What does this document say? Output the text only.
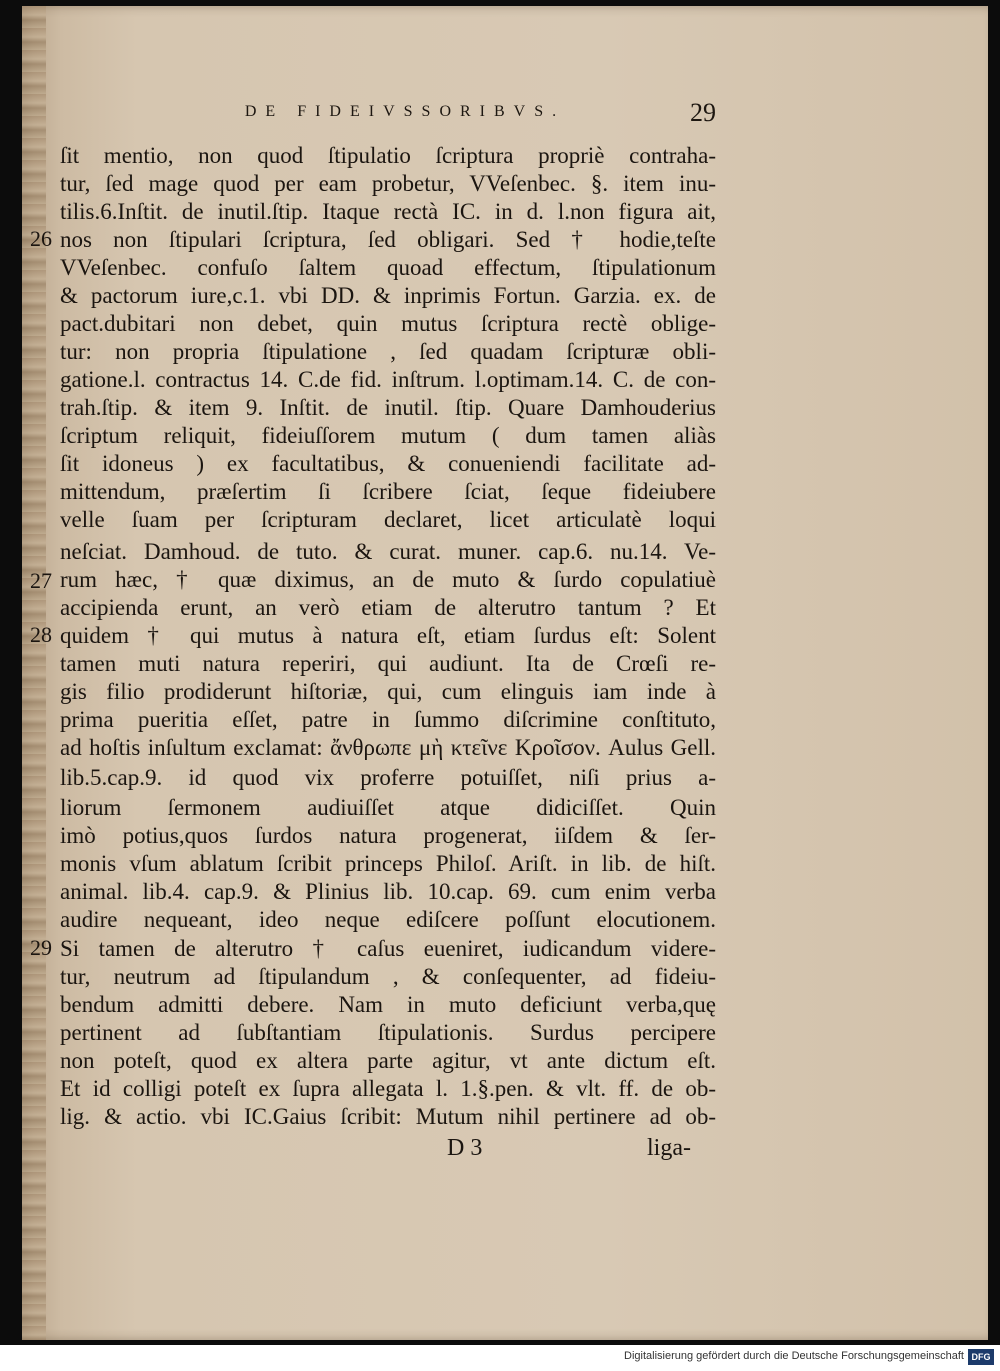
DE FIDEIVSSORIBVS.	29
26
27
28
29
ſit mentio, non quod ſtipulatio ſcriptura propriè contraha-
tur, ſed mage quod per eam probetur, VVeſenbec. §. item inu-
tilis.6.Inſtit. de inutil.ſtip. Itaque rectà IC. in d. l.non figura ait,
nos non ſtipulari ſcriptura, ſed obligari. Sed † hodie,teſte
VVeſenbec. confuſo ſaltem quoad effectum, ſtipulationum
& pactorum iure,c.1. vbi DD. & inprimis Fortun. Garzia. ex. de
pact.dubitari non debet, quin mutus ſcriptura rectè oblige-
tur: non propria ſtipulatione , ſed quadam ſcripturæ obli-
gatione.l. contractus 14. C.de fid. inſtrum. l.optimam.14. C. de con-
trah.ſtip. & item 9. Inſtit. de inutil. ſtip. Quare Damhouderius
ſcriptum reliquit, fideiuſſorem mutum ( dum tamen aliàs
ſit idoneus ) ex facultatibus, & conueniendi facilitate ad-
mittendum, præſertim ſi ſcribere ſciat, ſeque fideiubere
velle ſuam per ſcripturam declaret, licet articulatè loqui
neſciat. Damhoud. de tuto. & curat. muner. cap.6. nu.14. Ve-
rum hæc, † quæ diximus, an de muto & ſurdo copulatiuè
accipienda erunt, an verò etiam de alterutro tantum ? Et
quidem † qui mutus à natura eſt, etiam ſurdus eſt: Solent
tamen muti natura reperiri, qui audiunt. Ita de Crœſi re-
gis filio prodiderunt hiſtoriæ, qui, cum elinguis iam inde à
prima pueritia eſſet, patre in ſummo diſcrimine conſtituto,
ad hoſtis inſultum exclamat: ἄνθρωπε μὴ κτεῖνε Κροῖσον. Aulus Gell.
lib.5.cap.9. id quod vix proferre potuiſſet, niſi prius a-
liorum ſermonem audiuiſſet atque didiciſſet. Quin
imò potius,quos ſurdos natura progenerat, iiſdem & ſer-
monis vſum ablatum ſcribit princeps Philoſ. Ariſt. in lib. de hiſt.
animal. lib.4. cap.9. & Plinius lib. 10.cap. 69. cum enim verba
audire nequeant, ideo neque ediſcere poſſunt elocutionem.
Si tamen de alterutro † caſus eueniret, iudicandum videre-
tur, neutrum ad ſtipulandum , & conſequenter, ad fideiu-
bendum admitti debere. Nam in muto deficiunt verba,quę
pertinent ad ſubſtantiam ſtipulationis. Surdus percipere
non poteſt, quod ex altera parte agitur, vt ante dictum eſt.
Et id colligi poteſt ex ſupra allegata l. 1.§.pen. & vlt. ff. de ob-
lig. & actio. vbi IC.Gaius ſcribit: Mutum nihil pertinere ad ob-
D 3	liga-
Digitalisierung gefördert durch die Deutsche Forschungsgemeinschaft DFG
